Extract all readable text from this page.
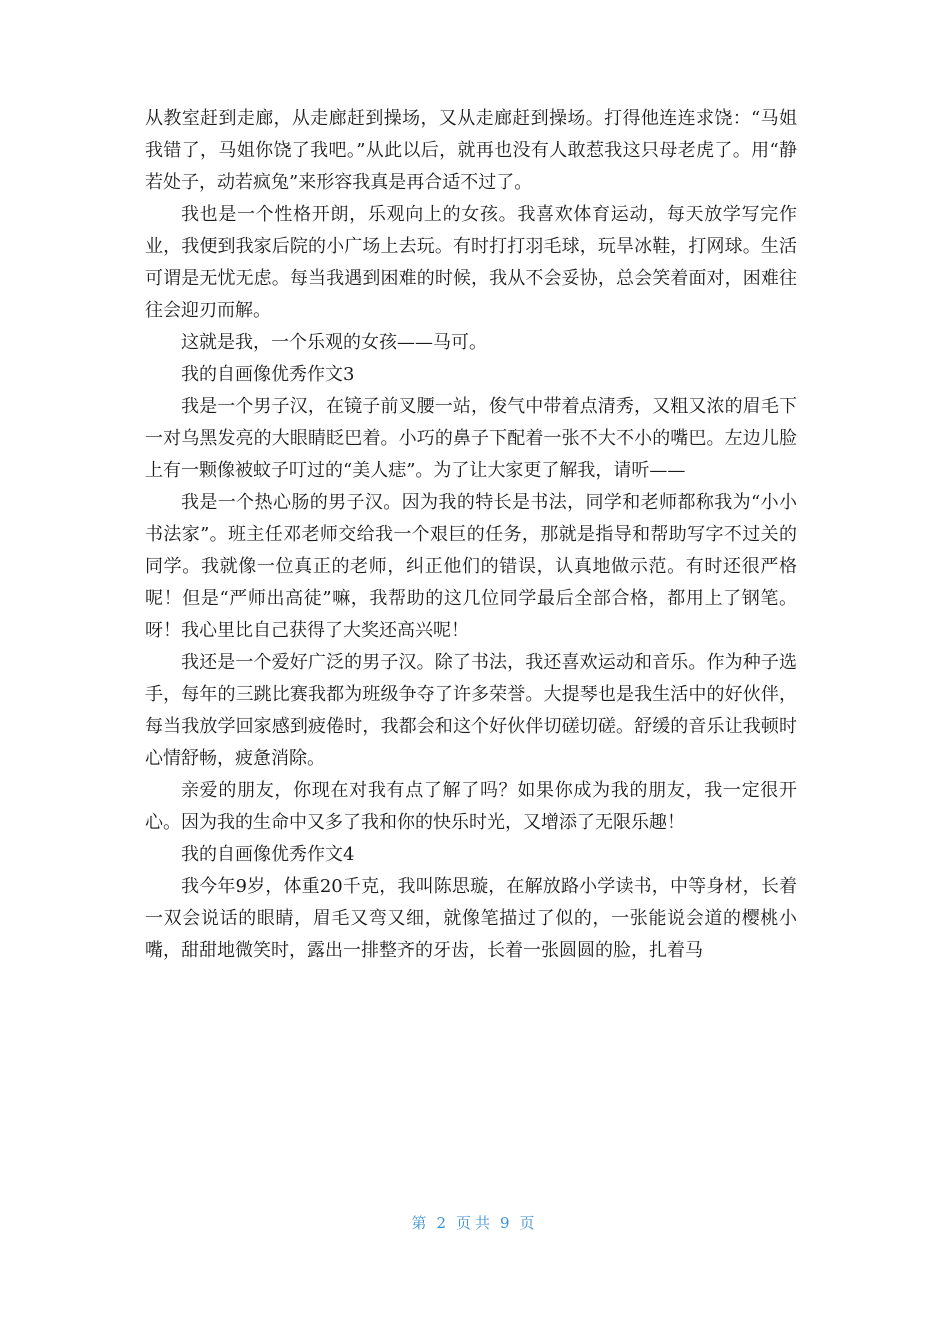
从教室赶到走廊，从走廊赶到操场，又从走廊赶到操场。打得他连连求饶：“马姐我错了，马姐你饶了我吧。”从此以后，就再也没有人敢惹我这只母老虎了。用“静若处子，动若疯兔”来形容我真是再合适不过了。

我也是一个性格开朗，乐观向上的女孩。我喜欢体育运动，每天放学写完作业，我便到我家后院的小广场上去玩。有时打打羽毛球，玩旱冰鞋，打网球。生活可谓是无忧无虑。每当我遇到困难的时候，我从不会妥协，总会笑着面对，困难往往会迎刃而解。

这就是我，一个乐观的女孩——马可。

我的自画像优秀作文3

我是一个男子汉，在镜子前叉腰一站，俊气中带着点清秀，又粗又浓的眉毛下一对乌黑发亮的大眼睛眨巴着。小巧的鼻子下配着一张不大不小的嘴巴。左边儿脸上有一颗像被蚊子叮过的“美人痣”。为了让大家更了解我，请听——

我是一个热心肠的男子汉。因为我的特长是书法，同学和老师都称我为“小小书法家”。班主任邓老师交给我一个艰巨的任务，那就是指导和帮助写字不过关的同学。我就像一位真正的老师，纠正他们的错误，认真地做示范。有时还很严格呢！但是“严师出高徒”嘛，我帮助的这几位同学最后全部合格，都用上了钢笔。呀！我心里比自己获得了大奖还高兴呢！

我还是一个爱好广泛的男子汉。除了书法，我还喜欢运动和音乐。作为种子选手，每年的三跳比赛我都为班级争夺了许多荣誉。大提琴也是我生活中的好伙伴，每当我放学回家感到疲倦时，我都会和这个好伙伴切磋切磋。舒缓的音乐让我顿时心情舒畅，疲惫消除。

亲爱的朋友，你现在对我有点了解了吗？如果你成为我的朋友，我一定很开心。因为我的生命中又多了我和你的快乐时光，又增添了无限乐趣！

我的自画像优秀作文4

我今年9岁，体重20千克，我叫陈思璇，在解放路小学读书，中等身材，长着一双会说话的眼睛，眉毛又弯又细，就像笔描过了似的，一张能说会道的樱桃小嘴，甜甜地微笑时，露出一排整齐的牙齿，长着一张圆圆的脸，扎着马

第 2 页共 9 页
